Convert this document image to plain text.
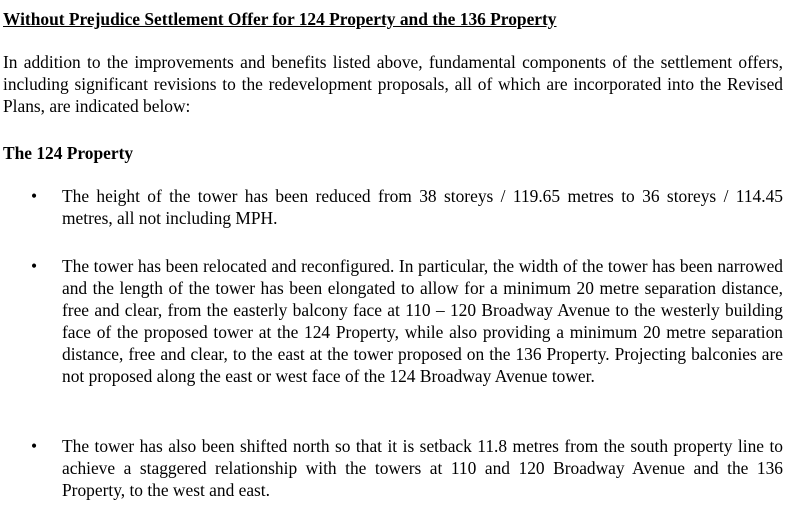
Without Prejudice Settlement Offer for 124 Property and the 136 Property
In addition to the improvements and benefits listed above, fundamental components of the settlement offers, including significant revisions to the redevelopment proposals, all of which are incorporated into the Revised Plans, are indicated below:
The 124 Property
• The height of the tower has been reduced from 38 storeys / 119.65 metres to 36 storeys / 114.45 metres, all not including MPH.
• The tower has been relocated and reconfigured. In particular, the width of the tower has been narrowed and the length of the tower has been elongated to allow for a minimum 20 metre separation distance, free and clear, from the easterly balcony face at 110 – 120 Broadway Avenue to the westerly building face of the proposed tower at the 124 Property, while also providing a minimum 20 metre separation distance, free and clear, to the east at the tower proposed on the 136 Property. Projecting balconies are not proposed along the east or west face of the 124 Broadway Avenue tower.
• The tower has also been shifted north so that it is setback 11.8 metres from the south property line to achieve a staggered relationship with the towers at 110 and 120 Broadway Avenue and the 136 Property, to the west and east.
